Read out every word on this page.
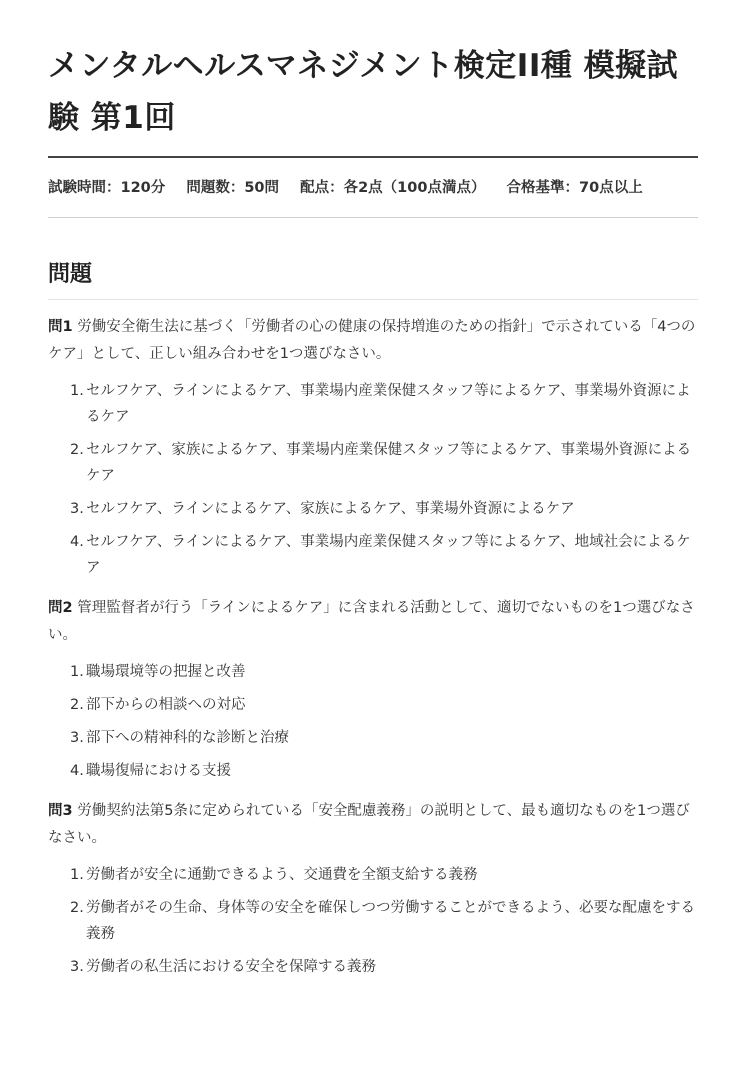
メンタルヘルスマネジメント検定II種 模擬試験 第1回
試験時間：120分 問題数：50問 配点：各2点（100点満点） 合格基準：70点以上
問題

問1 労働安全衛生法に基づく「労働者の心の健康の保持増進のための指針」で示されている「4つのケア」として、正しい組み合わせを1つ選びなさい。

1. セルフケア、ラインによるケア、事業場内産業保健スタッフ等によるケア、事業場外資源によるケア
2. セルフケア、家族によるケア、事業場内産業保健スタッフ等によるケア、事業場外資源によるケア
3. セルフケア、ラインによるケア、家族によるケア、事業場外資源によるケア
4. セルフケア、ラインによるケア、事業場内産業保健スタッフ等によるケア、地域社会によるケア

問2 管理監督者が行う「ラインによるケア」に含まれる活動として、適切でないものを1つ選びなさい。

1. 職場環境等の把握と改善
2. 部下からの相談への対応
3. 部下への精神科的な診断と治療
4. 職場復帰における支援

問3 労働契約法第5条に定められている「安全配慮義務」の説明として、最も適切なものを1つ選びなさい。

1. 労働者が安全に通勤できるよう、交通費を全額支給する義務
2. 労働者がその生命、身体等の安全を確保しつつ労働することができるよう、必要な配慮をする義務
3. 労働者の私生活における安全を保障する義務
